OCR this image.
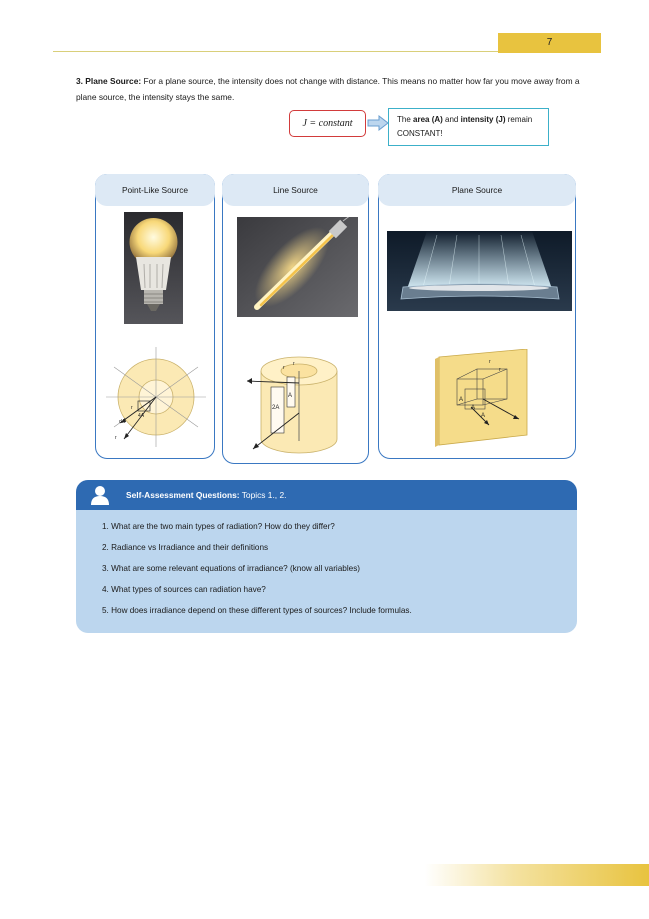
7
3. Plane Source: For a plane source, the intensity does not change with distance. This means no matter how far you move away from a plane source, the intensity stays the same.
J = constant	The area (A) and intensity (J) remain CONSTANT!
Point-Like Source
r
dA
4A
r
Line Source
r
r
2A
A
Plane Source
r
r
A
A
A
Self-Assessment Questions: Topics 1., 2.
1. What are the two main types of radiation? How do they differ?
2. Radiance vs Irradiance and their definitions
3. What are some relevant equations of irradiance? (know all variables)
4. What types of sources can radiation have?
5. How does irradiance depend on these different types of sources? Include formulas.
